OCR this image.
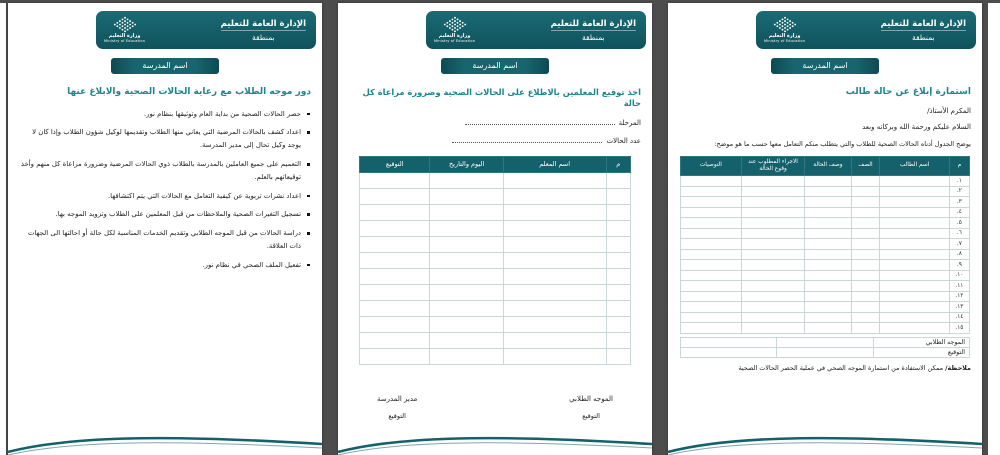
الإدارة العامة للتعليم
بمنطقة
وزارة التعليم
Ministry of Education
اسم المدرسة
دور موجه الطلاب مع رعاية الحالات الصحية والابلاغ عنها
حصر الحالات الصحية من بداية العام وتوثيقها بنظام نور.
اعداد كشف بالحالات المرضية التي يعاني منها الطلاب وتقديمها لوكيل شؤون الطلاب وإذا كان لا يوجد وكيل تحال إلى مدير المدرسة.
التعميم على جميع العاملين بالمدرسة بالطلاب ذوي الحالات المرضية وضرورة مراعاة كل منهم وأخذ توقيعاتهم بالعلم.
اعداد نشرات تربوية عن كيفية التعامل مع الحالات التي يتم اكتشافها.
تسجيل التغيرات الصحية والملاحظات من قبل المعلمين على الطلاب وتزويد الموجه بها.
دراسة الحالات من قبل الموجه الطلابي وتقديم الخدمات المناسبة لكل حالة أو احالتها الى الجهات ذات العلاقة.
تفعيل الملف الصحي في نظام نور.
الإدارة العامة للتعليم
بمنطقة
وزارة التعليم
Ministry of Education
اسم المدرسة
اخذ توقيع المعلمين بالاطلاع على الحالات الصحية وضرورة مراعاة كل حالة
المرحلة
عدد الحالات
م	اسم المعلم	اليوم والتاريخ	التوقيع

الموجه الطلابي
التوقيع
مدير المدرسة
التوقيع
الإدارة العامة للتعليم
بمنطقة
وزارة التعليم
Ministry of Education
اسم المدرسة
استمارة إبلاغ عن حالة طالب
المكرم الأستاذ/
السلام عليكم ورحمة الله وبركاته وبعد
يوضح الجدول أدناه الحالات الصحية للطلاب والتي يتطلب منكم التعامل معها حسب ما هو موضح:
م	اسم الطالب	الصف	وصف الحالة	الاجراء المطلوب عند وقوع الحالة	التوصيات
١.					
٢.					
٣.					
٤.					
٥.					
٦.					
٧.					
٨.					
٩.					
١٠.					
١١.					
١٢.					
١٣.					
١٤.					
١٥.					
الموجه الطلابي		
التوقيع		
ملاحظة/ ممكن الاستفادة من استمارة الموجه الصحي في عملية الحصر الحالات الصحية
